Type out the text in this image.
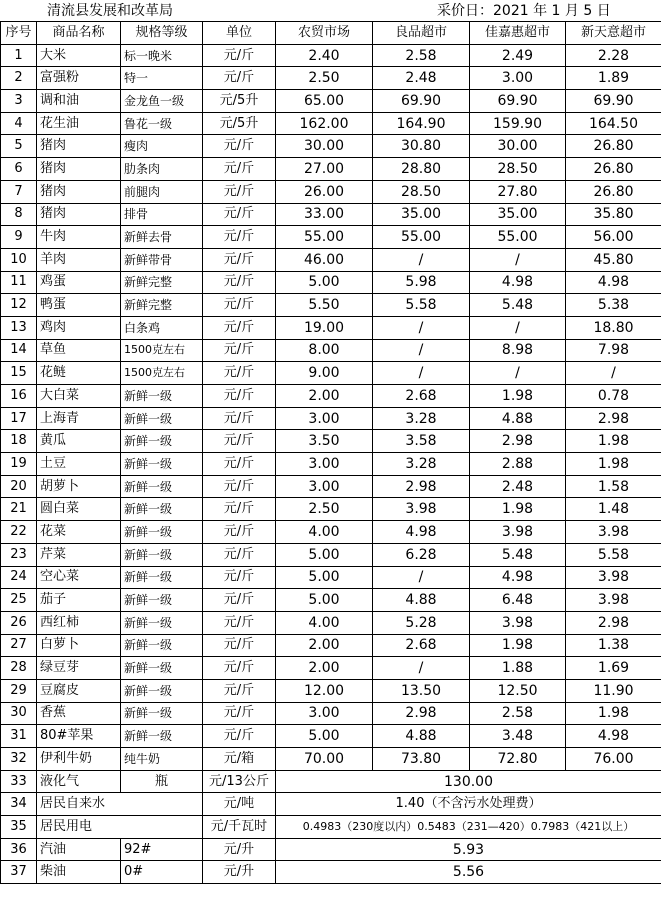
清流县发展和改革局	采价日：2021 年 1 月 5 日
序号	商品名称	规格等级	单位	农贸市场	良品超市	佳嘉惠超市	新天意超市
1	大米	标一晚米	元/斤	2.40	2.58	2.49	2.28
2	富强粉	特一	元/斤	2.50	2.48	3.00	1.89
3	调和油	金龙鱼一级	元/5升	65.00	69.90	69.90	69.90
4	花生油	鲁花一级	元/5升	162.00	164.90	159.90	164.50
5	猪肉	瘦肉	元/斤	30.00	30.80	30.00	26.80
6	猪肉	肋条肉	元/斤	27.00	28.80	28.50	26.80
7	猪肉	前腿肉	元/斤	26.00	28.50	27.80	26.80
8	猪肉	排骨	元/斤	33.00	35.00	35.00	35.80
9	牛肉	新鲜去骨	元/斤	55.00	55.00	55.00	56.00
10	羊肉	新鲜带骨	元/斤	46.00	/	/	45.80
11	鸡蛋	新鲜完整	元/斤	5.00	5.98	4.98	4.98
12	鸭蛋	新鲜完整	元/斤	5.50	5.58	5.48	5.38
13	鸡肉	白条鸡	元/斤	19.00	/	/	18.80
14	草鱼	1500克左右	元/斤	8.00	/	8.98	7.98
15	花鲢	1500克左右	元/斤	9.00	/	/	/
16	大白菜	新鲜一级	元/斤	2.00	2.68	1.98	0.78
17	上海青	新鲜一级	元/斤	3.00	3.28	4.88	2.98
18	黄瓜	新鲜一级	元/斤	3.50	3.58	2.98	1.98
19	土豆	新鲜一级	元/斤	3.00	3.28	2.88	1.98
20	胡萝卜	新鲜一级	元/斤	3.00	2.98	2.48	1.58
21	圆白菜	新鲜一级	元/斤	2.50	3.98	1.98	1.48
22	花菜	新鲜一级	元/斤	4.00	4.98	3.98	3.98
23	芹菜	新鲜一级	元/斤	5.00	6.28	5.48	5.58
24	空心菜	新鲜一级	元/斤	5.00	/	4.98	3.98
25	茄子	新鲜一级	元/斤	5.00	4.88	6.48	3.98
26	西红柿	新鲜一级	元/斤	4.00	5.28	3.98	2.98
27	白萝卜	新鲜一级	元/斤	2.00	2.68	1.98	1.38
28	绿豆芽	新鲜一级	元/斤	2.00	/	1.88	1.69
29	豆腐皮	新鲜一级	元/斤	12.00	13.50	12.50	11.90
30	香蕉	新鲜一级	元/斤	3.00	2.98	2.58	1.98
31	80#苹果	新鲜一级	元/斤	5.00	4.88	3.48	4.98
32	伊利牛奶	纯牛奶	元/箱	70.00	73.80	72.80	76.00
33	液化气	瓶	元/13公斤	130.00			
34	居民自来水		元/吨	1.40（不含污水处理费）			
35	居民用电		元/千瓦时	0.4983（230度以内）0.5483（231—420）0.7983（421以上）			
36	汽油	92#	元/升	5.93			
37	柴油	0#	元/升	5.56			
